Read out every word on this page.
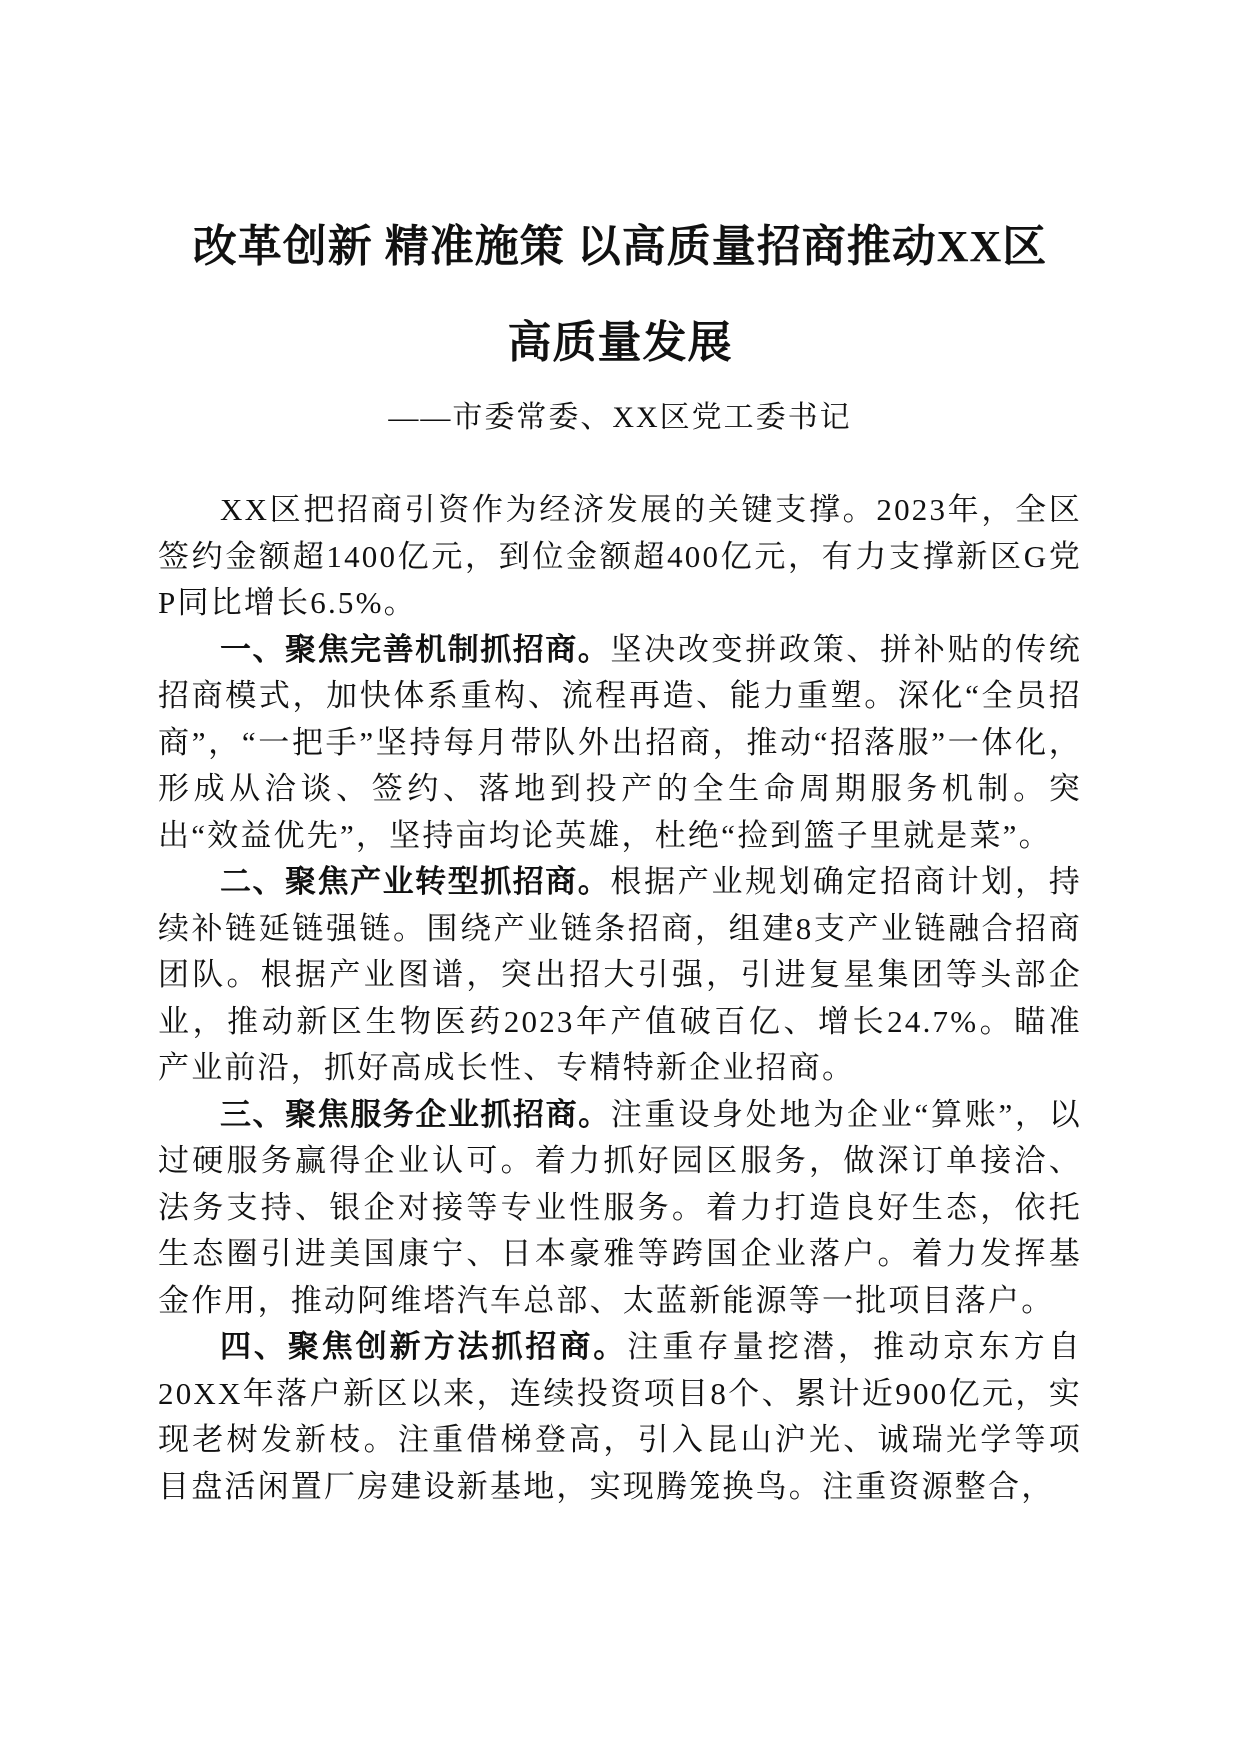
改革创新 精准施策 以高质量招商推动XX区
高质量发展
——市委常委、XX区党工委书记

XX区把招商引资作为经济发展的关键支撑。2023年，全区签约金额超1400亿元，到位金额超400亿元，有力支撑新区G党P同比增长6.5%。

一、聚焦完善机制抓招商。坚决改变拼政策、拼补贴的传统招商模式，加快体系重构、流程再造、能力重塑。深化“全员招商”，“一把手”坚持每月带队外出招商，推动“招落服”一体化，形成从洽谈、签约、落地到投产的全生命周期服务机制。突出“效益优先”，坚持亩均论英雄，杜绝“捡到篮子里就是菜”。

二、聚焦产业转型抓招商。根据产业规划确定招商计划，持续补链延链强链。围绕产业链条招商，组建8支产业链融合招商团队。根据产业图谱，突出招大引强，引进复星集团等头部企业，推动新区生物医药2023年产值破百亿、增长24.7%。瞄准产业前沿，抓好高成长性、专精特新企业招商。

三、聚焦服务企业抓招商。注重设身处地为企业“算账”，以过硬服务赢得企业认可。着力抓好园区服务，做深订单接洽、法务支持、银企对接等专业性服务。着力打造良好生态，依托生态圈引进美国康宁、日本豪雅等跨国企业落户。着力发挥基金作用，推动阿维塔汽车总部、太蓝新能源等一批项目落户。

四、聚焦创新方法抓招商。注重存量挖潜，推动京东方自20XX年落户新区以来，连续投资项目8个、累计近900亿元，实现老树发新枝。注重借梯登高，引入昆山沪光、诚瑞光学等项目盘活闲置厂房建设新基地，实现腾笼换鸟。注重资源整合，
